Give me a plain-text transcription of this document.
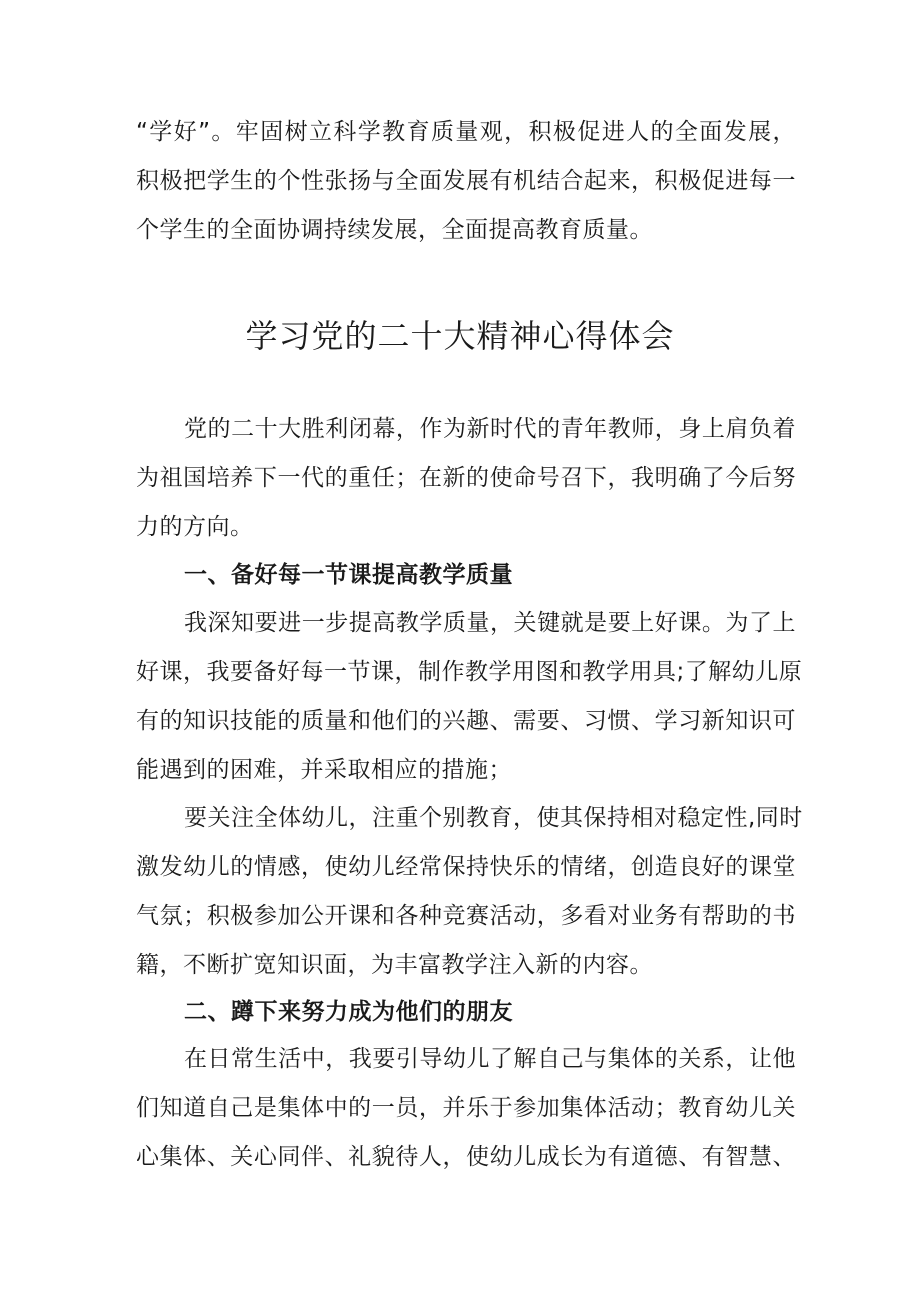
“学好”。牢固树立科学教育质量观，积极促进人的全面发展，
积极把学生的个性张扬与全面发展有机结合起来，积极促进每一
个学生的全面协调持续发展，全面提高教育质量。
学习党的二十大精神心得体会
党的二十大胜利闭幕，作为新时代的青年教师，身上肩负着
为祖国培养下一代的重任；在新的使命号召下，我明确了今后努
力的方向。
一、备好每一节课提高教学质量
我深知要进一步提高教学质量，关键就是要上好课。为了上
好课，我要备好每一节课，制作教学用图和教学用具;了解幼儿原
有的知识技能的质量和他们的兴趣、需要、习惯、学习新知识可
能遇到的困难，并采取相应的措施；
要关注全体幼儿，注重个别教育，使其保持相对稳定性,同时
激发幼儿的情感，使幼儿经常保持快乐的情绪，创造良好的课堂
气氛；积极参加公开课和各种竞赛活动，多看对业务有帮助的书
籍，不断扩宽知识面，为丰富教学注入新的内容。
二、蹲下来努力成为他们的朋友
在日常生活中，我要引导幼儿了解自己与集体的关系，让他
们知道自己是集体中的一员，并乐于参加集体活动；教育幼儿关
心集体、关心同伴、礼貌待人，使幼儿成长为有道德、有智慧、
